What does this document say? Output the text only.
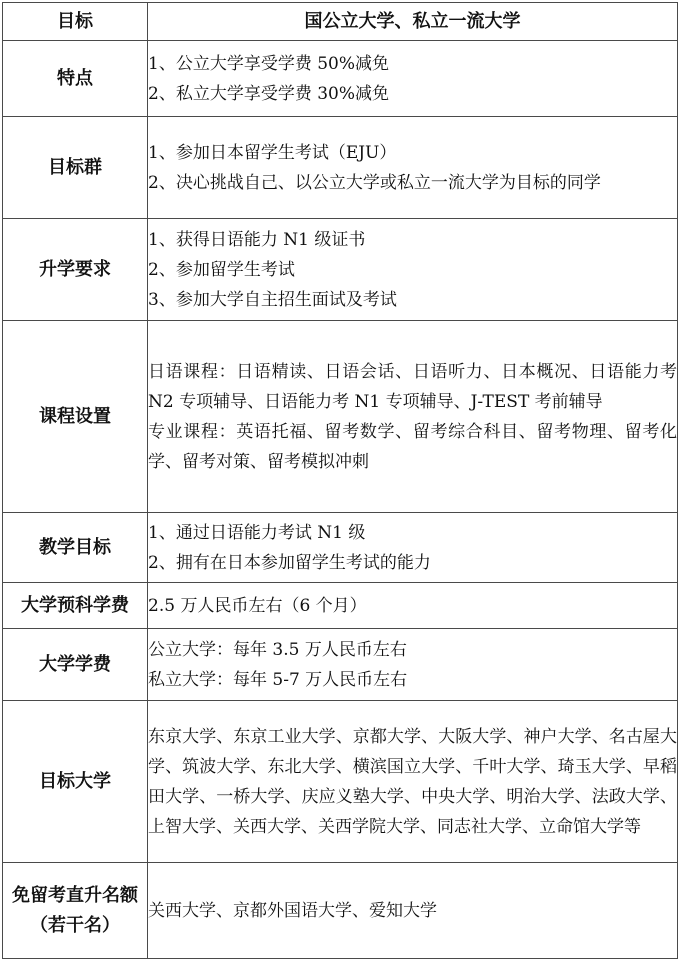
目标	国公立大学、私立一流大学
特点	1、公立大学享受学费 50%减免
2、私立大学享受学费 30%减免

目标群	1、参加日本留学生考试（EJU）
2、决心挑战自己、以公立大学或私立一流大学为目标的同学

升学要求	1、获得日语能力 N1 级证书
2、参加留学生考试
3、参加大学自主招生面试及考试

课程设置	日语课程：日语精读、日语会话、日语听力、日本概况、日语能力考 N2 专项辅导、日语能力考 N1 专项辅导、J-TEST 考前辅导
专业课程：英语托福、留考数学、留考综合科目、留考物理、留考化学、留考对策、留考模拟冲刺

教学目标	1、通过日语能力考试 N1 级
2、拥有在日本参加留学生考试的能力

大学预科学费	2.5 万人民币左右（6 个月）

大学学费	公立大学：每年 3.5 万人民币左右
私立大学：每年 5-7 万人民币左右

目标大学	东京大学、东京工业大学、京都大学、大阪大学、神户大学、名古屋大学、筑波大学、东北大学、横滨国立大学、千叶大学、琦玉大学、早稻田大学、一桥大学、庆应义塾大学、中央大学、明治大学、法政大学、上智大学、关西大学、关西学院大学、同志社大学、立命馆大学等

免留考直升名额（若干名）	关西大学、京都外国语大学、爱知大学
